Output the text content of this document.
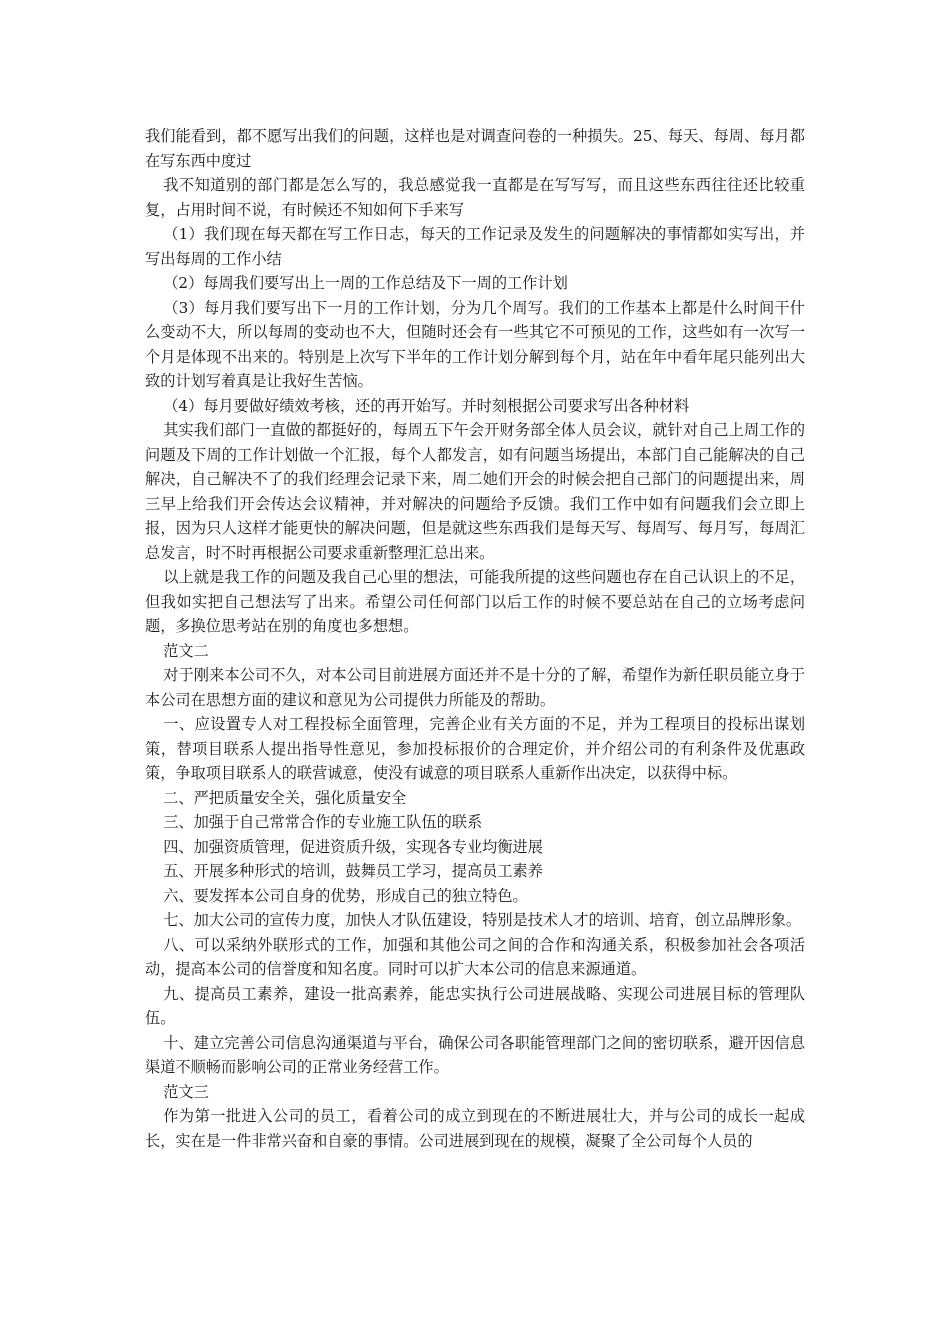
我们能看到，都不愿写出我们的问题，这样也是对调查问卷的一种损失。25、每天、每周、每月都在写东西中度过

我不知道别的部门都是怎么写的，我总感觉我一直都是在写写写，而且这些东西往往还比较重复，占用时间不说，有时候还不知如何下手来写

（1）我们现在每天都在写工作日志，每天的工作记录及发生的问题解决的事情都如实写出，并写出每周的工作小结

（2）每周我们要写出上一周的工作总结及下一周的工作计划

（3）每月我们要写出下一月的工作计划，分为几个周写。我们的工作基本上都是什么时间干什么变动不大，所以每周的变动也不大，但随时还会有一些其它不可预见的工作，这些如有一次写一个月是体现不出来的。特别是上次写下半年的工作计划分解到每个月，站在年中看年尾只能列出大致的计划写着真是让我好生苦恼。

（4）每月要做好绩效考核，还的再开始写。并时刻根据公司要求写出各种材料

其实我们部门一直做的都挺好的，每周五下午会开财务部全体人员会议，就针对自己上周工作的问题及下周的工作计划做一个汇报，每个人都发言，如有问题当场提出，本部门自己能解决的自己解决，自己解决不了的我们经理会记录下来，周二她们开会的时候会把自己部门的问题提出来，周三早上给我们开会传达会议精神，并对解决的问题给予反馈。我们工作中如有问题我们会立即上报，因为只人这样才能更快的解决问题，但是就这些东西我们是每天写、每周写、每月写，每周汇总发言，时不时再根据公司要求重新整理汇总出来。

以上就是我工作的问题及我自己心里的想法，可能我所提的这些问题也存在自己认识上的不足，但我如实把自己想法写了出来。希望公司任何部门以后工作的时候不要总站在自己的立场考虑问题，多换位思考站在别的角度也多想想。

范文二

对于刚来本公司不久，对本公司目前进展方面还并不是十分的了解，希望作为新任职员能立身于本公司在思想方面的建议和意见为公司提供力所能及的帮助。

一、应设置专人对工程投标全面管理，完善企业有关方面的不足，并为工程项目的投标出谋划策，替项目联系人提出指导性意见，参加投标报价的合理定价，并介绍公司的有利条件及优惠政策，争取项目联系人的联营诚意，使没有诚意的项目联系人重新作出决定，以获得中标。

二、严把质量安全关，强化质量安全

三、加强于自己常常合作的专业施工队伍的联系

四、加强资质管理，促进资质升级，实现各专业均衡进展

五、开展多种形式的培训，鼓舞员工学习，提高员工素养

六、要发挥本公司自身的优势，形成自己的独立特色。

七、加大公司的宣传力度，加快人才队伍建设，特别是技术人才的培训、培育，创立品牌形象。

八、可以采纳外联形式的工作，加强和其他公司之间的合作和沟通关系，积极参加社会各项活动，提高本公司的信誉度和知名度。同时可以扩大本公司的信息来源通道。

九、提高员工素养，建设一批高素养，能忠实执行公司进展战略、实现公司进展目标的管理队伍。

十、建立完善公司信息沟通渠道与平台，确保公司各职能管理部门之间的密切联系，避开因信息渠道不顺畅而影响公司的正常业务经营工作。

范文三

作为第一批进入公司的员工，看着公司的成立到现在的不断进展壮大，并与公司的成长一起成长，实在是一件非常兴奋和自豪的事情。公司进展到现在的规模，凝聚了全公司每个人员的
